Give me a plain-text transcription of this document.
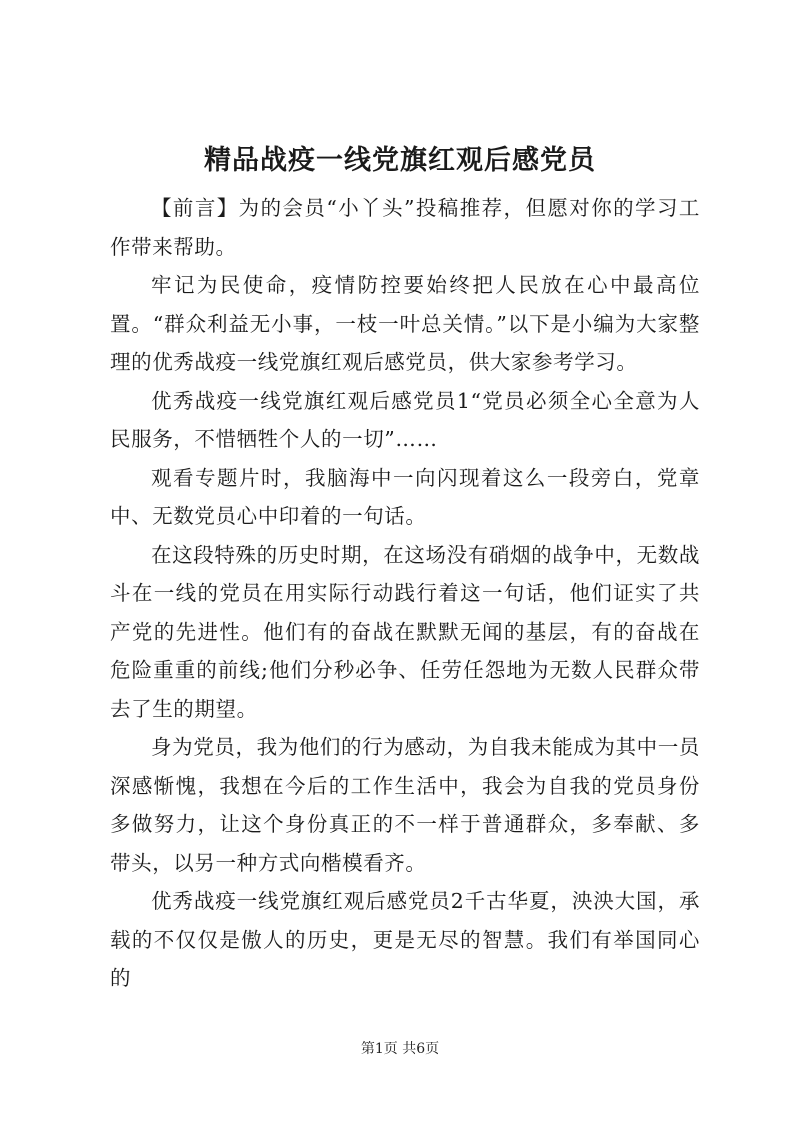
精品战疫一线党旗红观后感党员

【前言】为的会员“小丫头”投稿推荐，但愿对你的学习工作带来帮助。

牢记为民使命，疫情防控要始终把人民放在心中最高位置。“群众利益无小事，一枝一叶总关情。”以下是小编为大家整理的优秀战疫一线党旗红观后感党员，供大家参考学习。

优秀战疫一线党旗红观后感党员1“党员必须全心全意为人民服务，不惜牺牲个人的一切”……

观看专题片时，我脑海中一向闪现着这么一段旁白，党章中、无数党员心中印着的一句话。

在这段特殊的历史时期，在这场没有硝烟的战争中，无数战斗在一线的党员在用实际行动践行着这一句话，他们证实了共产党的先进性。他们有的奋战在默默无闻的基层，有的奋战在危险重重的前线;他们分秒必争、任劳任怨地为无数人民群众带去了生的期望。

身为党员，我为他们的行为感动，为自我未能成为其中一员深感惭愧，我想在今后的工作生活中，我会为自我的党员身份多做努力，让这个身份真正的不一样于普通群众，多奉献、多带头，以另一种方式向楷模看齐。

优秀战疫一线党旗红观后感党员2千古华夏，泱泱大国，承载的不仅仅是傲人的历史，更是无尽的智慧。我们有举国同心的

第1页 共6页
